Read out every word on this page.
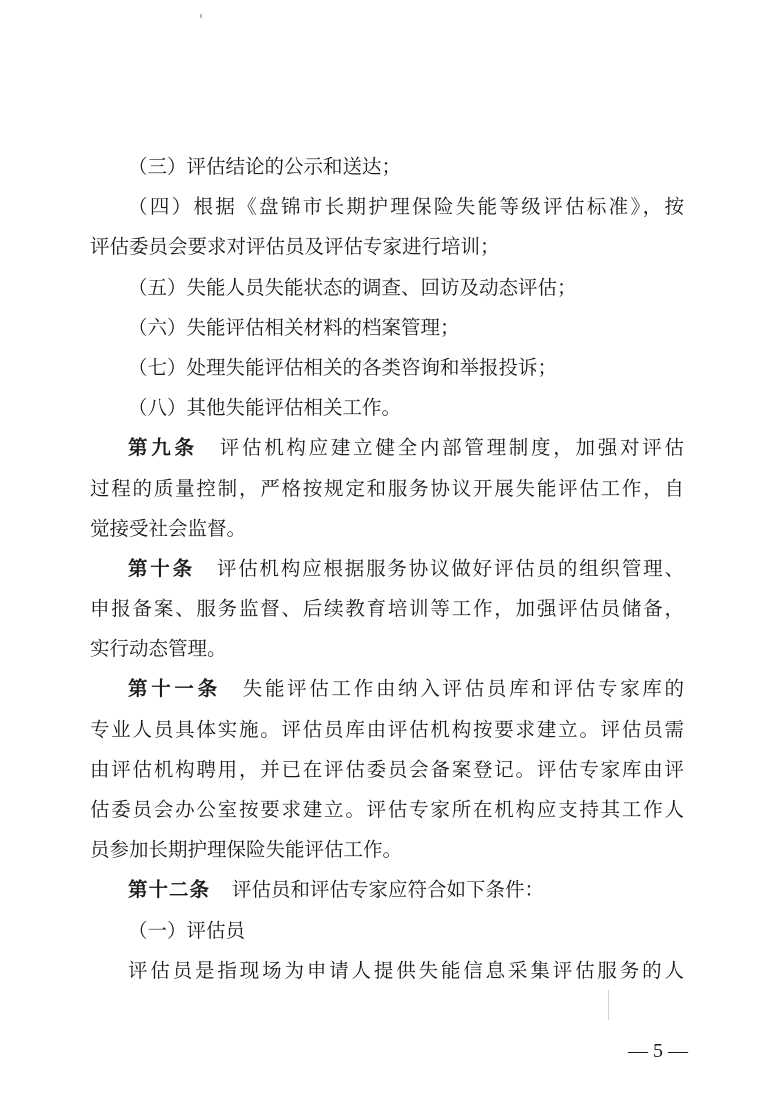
（三）评估结论的公示和送达；
（四）根据《盘锦市长期护理保险失能等级评估标准》，按
评估委员会要求对评估员及评估专家进行培训；
（五）失能人员失能状态的调查、回访及动态评估；
（六）失能评估相关材料的档案管理；
（七）处理失能评估相关的各类咨询和举报投诉；
（八）其他失能评估相关工作。
第九条 评估机构应建立健全内部管理制度，加强对评估
过程的质量控制，严格按规定和服务协议开展失能评估工作，自
觉接受社会监督。
第十条 评估机构应根据服务协议做好评估员的组织管理、
申报备案、服务监督、后续教育培训等工作，加强评估员储备，
实行动态管理。
第十一条 失能评估工作由纳入评估员库和评估专家库的
专业人员具体实施。评估员库由评估机构按要求建立。评估员需
由评估机构聘用，并已在评估委员会备案登记。评估专家库由评
估委员会办公室按要求建立。评估专家所在机构应支持其工作人
员参加长期护理保险失能评估工作。
第十二条 评估员和评估专家应符合如下条件：
（一）评估员
评估员是指现场为申请人提供失能信息采集评估服务的人
— 5 —
